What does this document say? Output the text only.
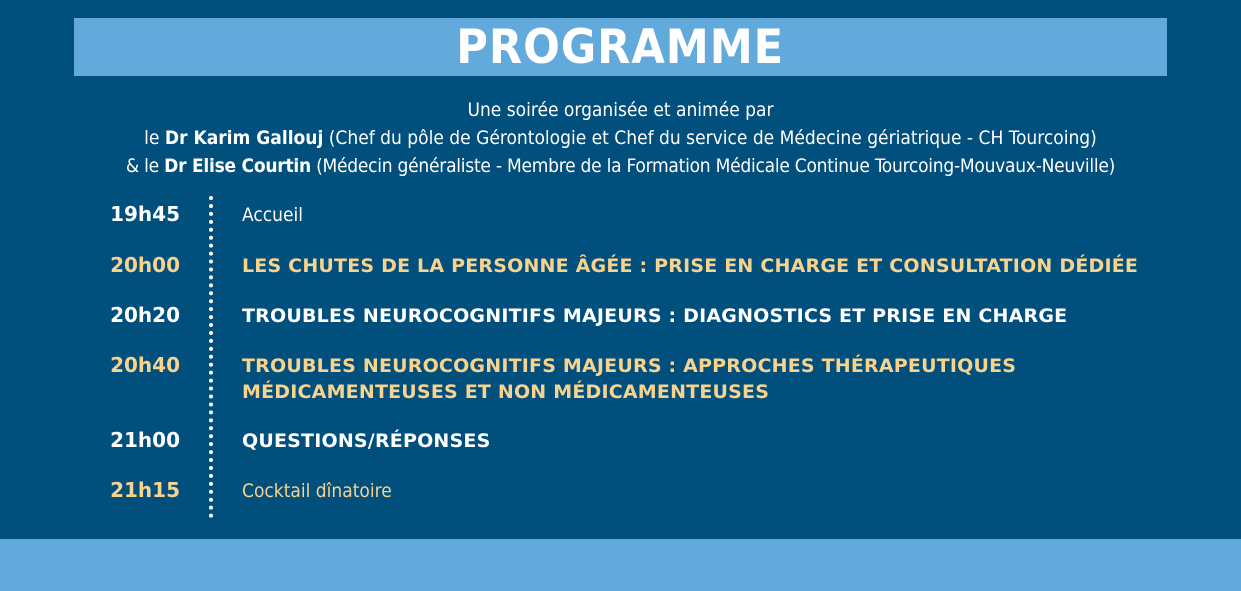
PROGRAMME
Une soirée organisée et animée par
le Dr Karim Gallouj (Chef du pôle de Gérontologie et Chef du service de Médecine gériatrique - CH Tourcoing)
& le Dr Elise Courtin (Médecin généraliste - Membre de la Formation Médicale Continue Tourcoing-Mouvaux-Neuville)
19h45	Accueil
20h00	LES CHUTES DE LA PERSONNE ÂGÉE : PRISE EN CHARGE ET CONSULTATION DÉDIÉE
20h20	TROUBLES NEUROCOGNITIFS MAJEURS : DIAGNOSTICS ET PRISE EN CHARGE
20h40	TROUBLES NEUROCOGNITIFS MAJEURS : APPROCHES THÉRAPEUTIQUES
MÉDICAMENTEUSES ET NON MÉDICAMENTEUSES
21h00	QUESTIONS/RÉPONSES
21h15	Cocktail dînatoire
